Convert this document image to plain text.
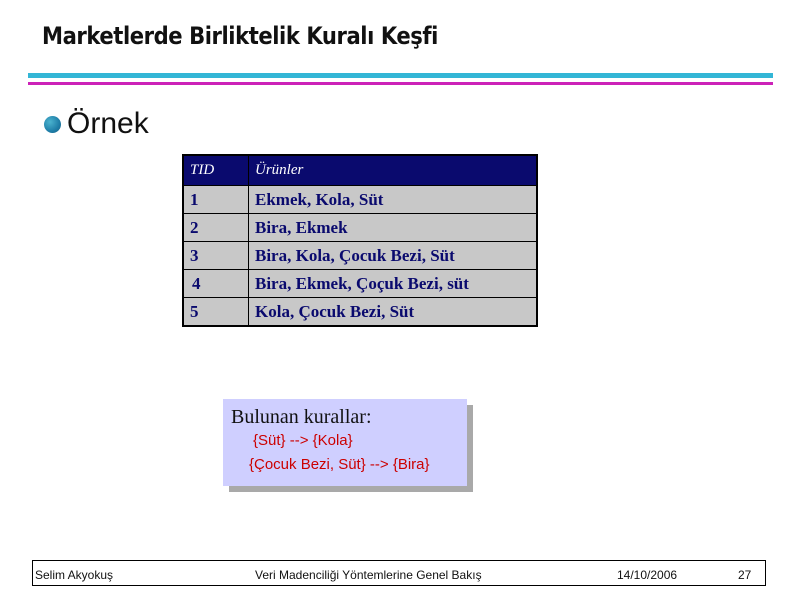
Marketlerde Birliktelik Kuralı Keşfi
Örnek
TID	Ürünler
1	Ekmek, Kola, Süt
2	Bira, Ekmek
3	Bira, Kola, Çocuk Bezi, Süt
4	Bira, Ekmek, Çoçuk Bezi, süt
5	Kola, Çocuk Bezi, Süt
Bulunan kurallar:
{Süt} --> {Kola}
{Çocuk Bezi, Süt} --> {Bira}
Selim Akyokuş	Veri Madenciliği Yöntemlerine Genel Bakış	14/10/2006	27
